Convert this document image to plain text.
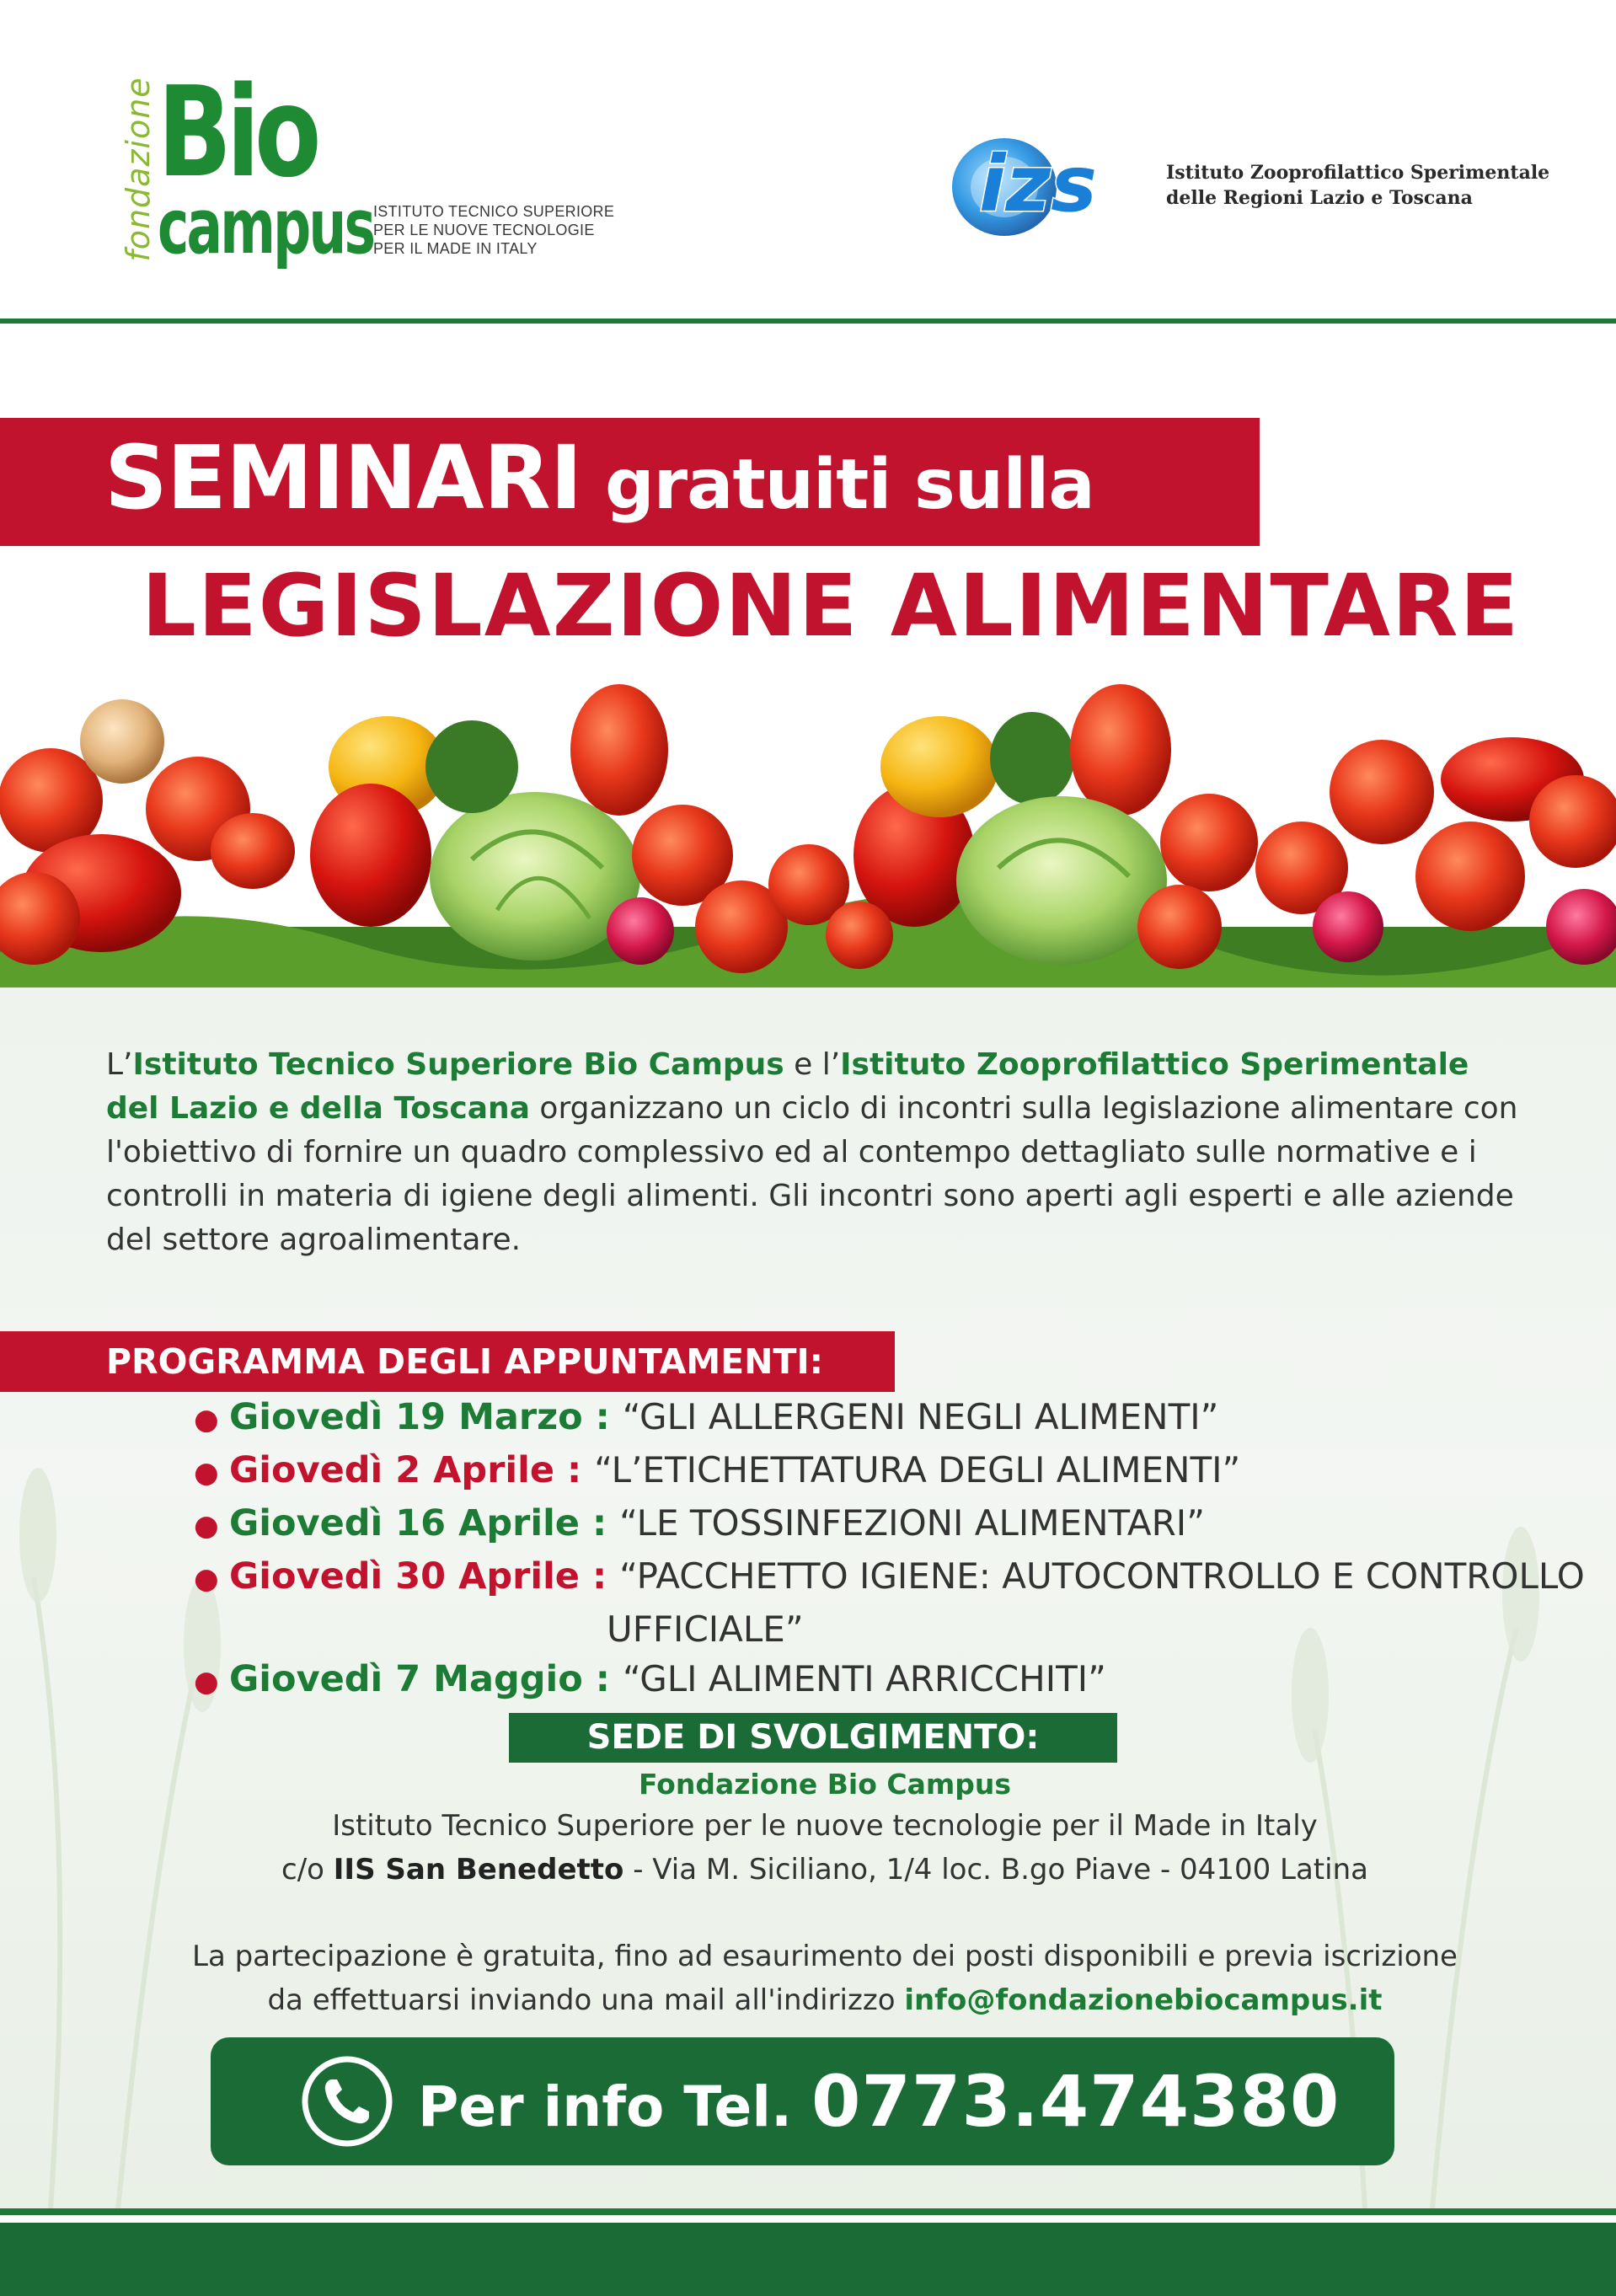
fondazione Bio
campus ISTITUTO TECNICO SUPERIORE
PER LE NUOVE TECNOLOGIE
PER IL MADE IN ITALY
izs	Istituto Zooprofilattico Sperimentale
delle Regioni Lazio e Toscana
SEMINARI gratuiti sulla
LEGISLAZIONE ALIMENTARE
L’Istituto Tecnico Superiore Bio Campus e l’Istituto Zooprofilattico Sperimentale del Lazio e della Toscana organizzano un ciclo di incontri sulla legislazione alimentare con l'obiettivo di fornire un quadro complessivo ed al contempo dettagliato sulle normative e i controlli in materia di igiene degli alimenti. Gli incontri sono aperti agli esperti e alle aziende del settore agroalimentare.
PROGRAMMA DEGLI APPUNTAMENTI:
● Giovedì 19 Marzo : “GLI ALLERGENI NEGLI ALIMENTI”
● Giovedì 2 Aprile : “L’ETICHETTATURA DEGLI ALIMENTI”
● Giovedì 16 Aprile : “LE TOSSINFEZIONI ALIMENTARI”
● Giovedì 30 Aprile : “PACCHETTO IGIENE: AUTOCONTROLLO E CONTROLLO
UFFICIALE”
● Giovedì 7 Maggio : “GLI ALIMENTI ARRICCHITI”
SEDE DI SVOLGIMENTO:
Fondazione Bio Campus
Istituto Tecnico Superiore per le nuove tecnologie per il Made in Italy
c/o IIS San Benedetto - Via M. Siciliano, 1/4 loc. B.go Piave - 04100 Latina
La partecipazione è gratuita, fino ad esaurimento dei posti disponibili e previa iscrizione
da effettuarsi inviando una mail all'indirizzo info@fondazionebiocampus.it
Per info Tel. 0773.474380
